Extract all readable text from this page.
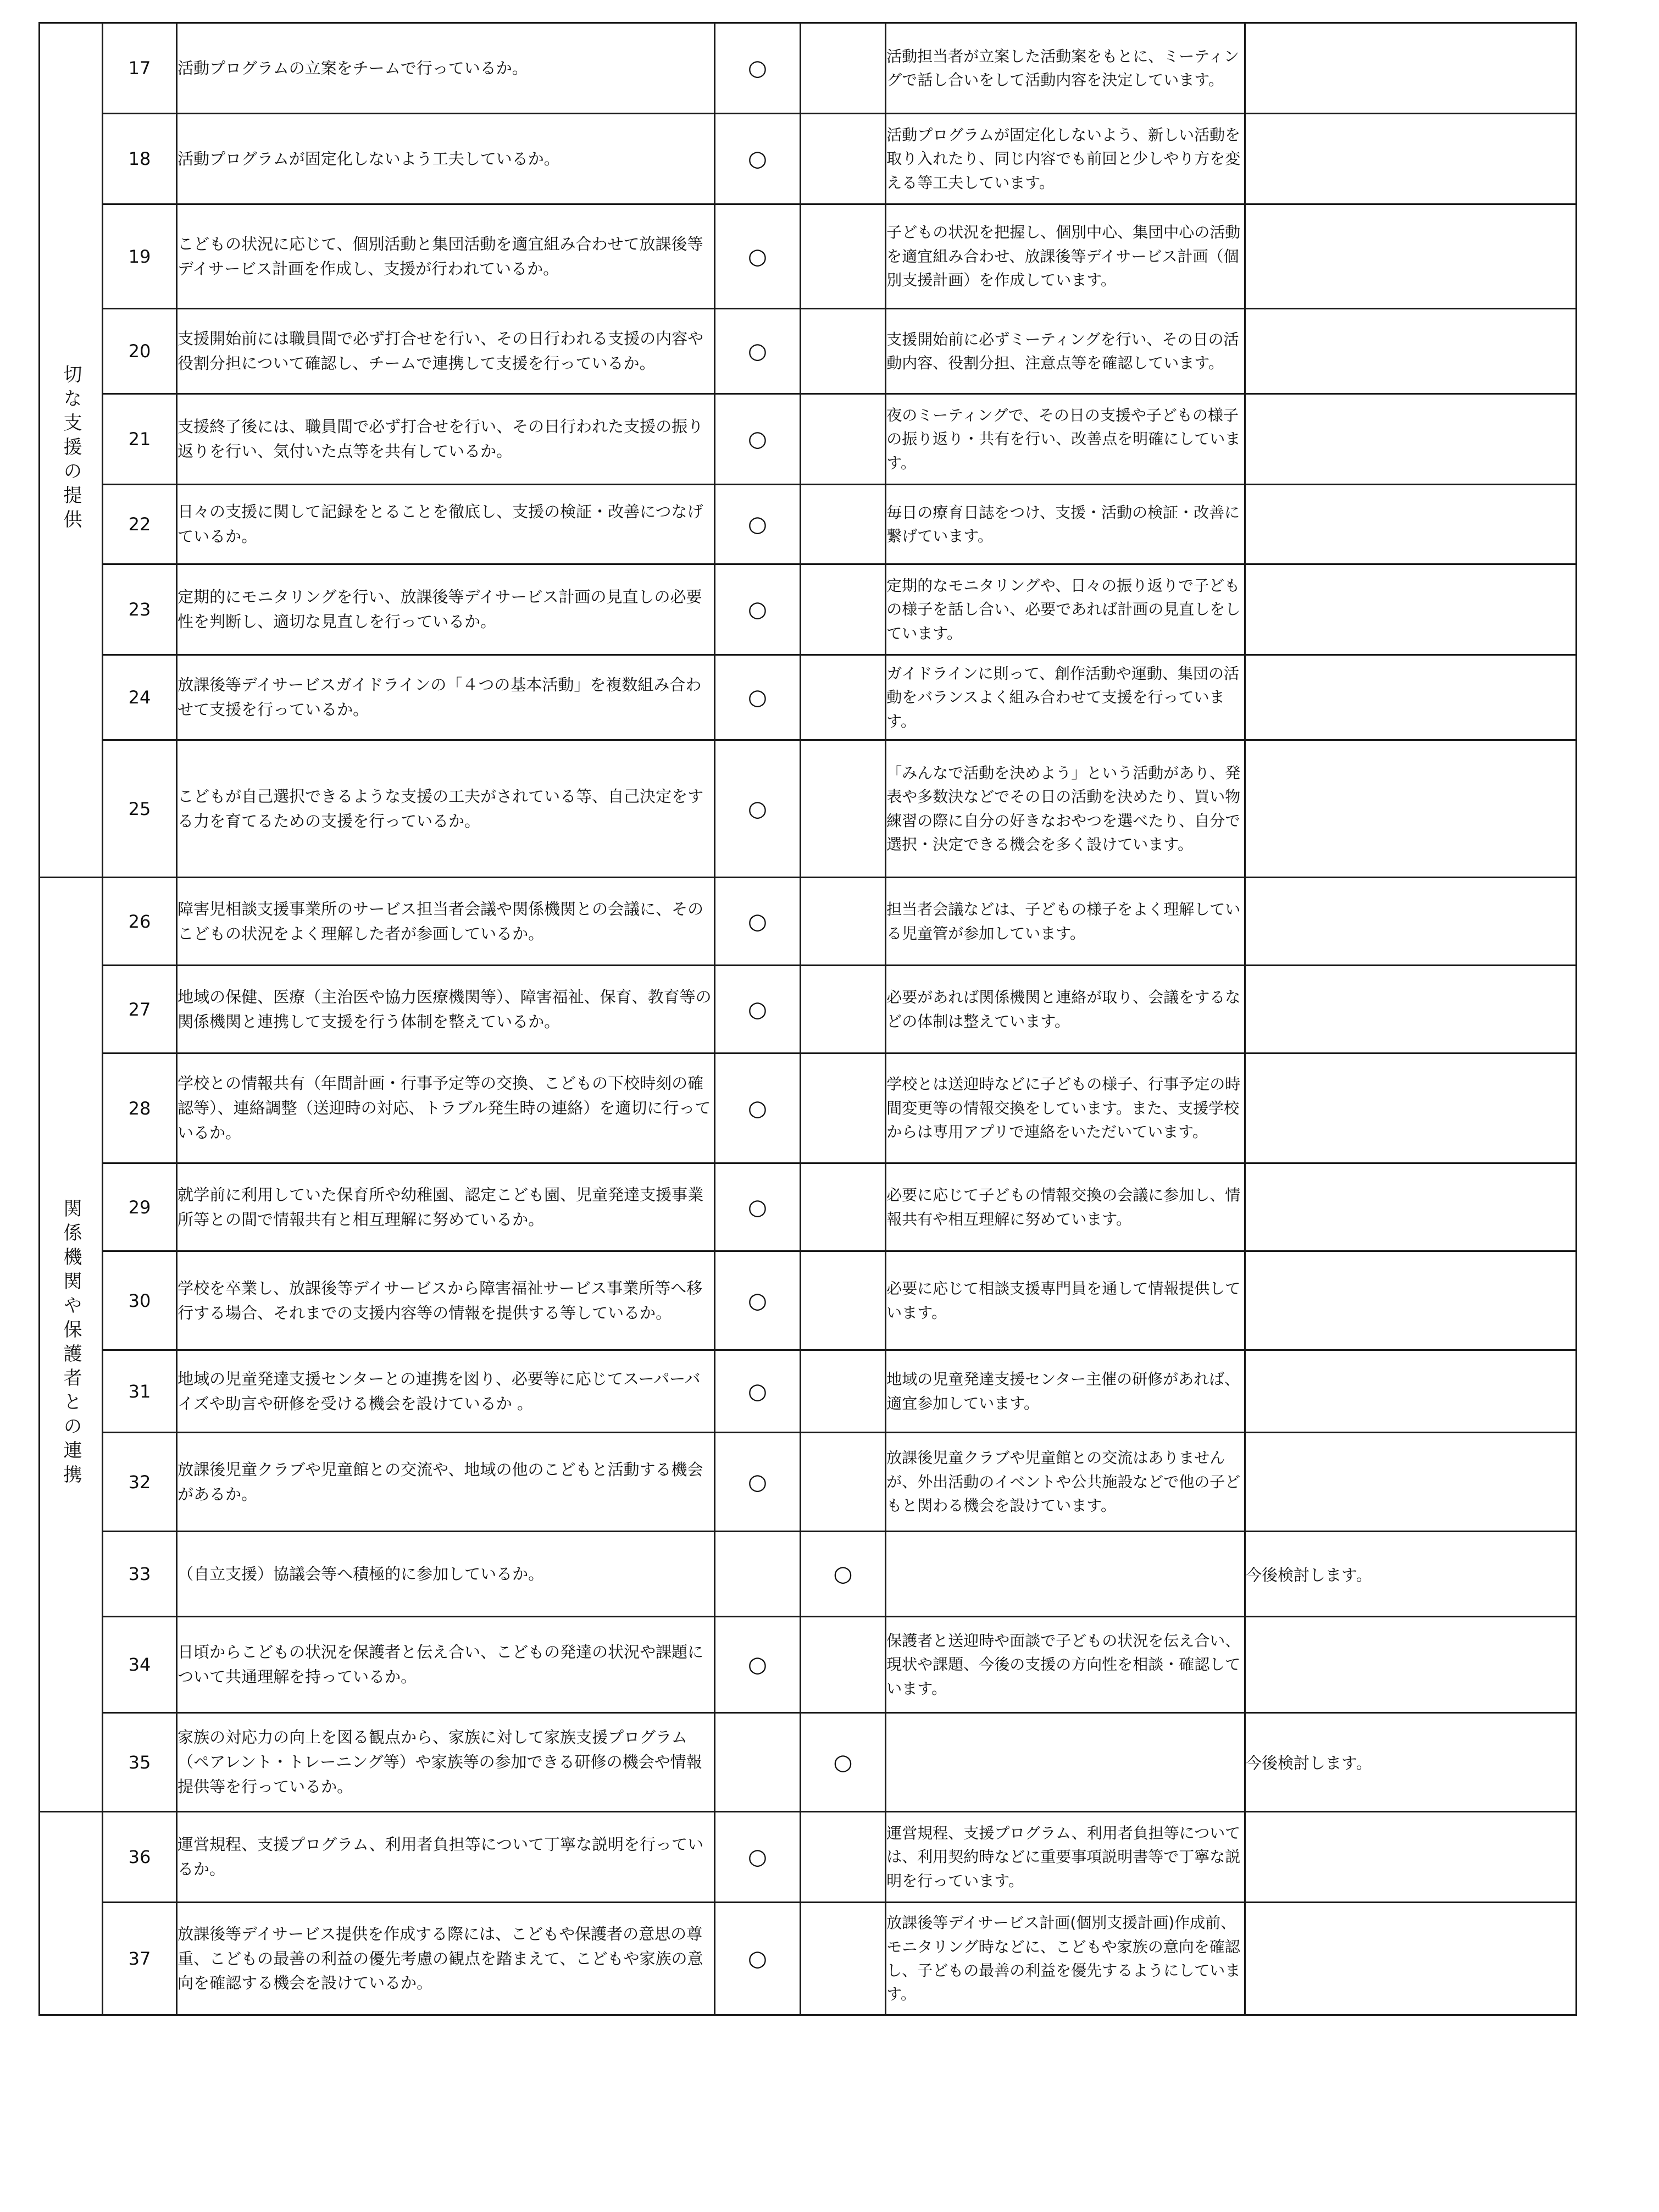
切な支援の提供	17	活動プログラムの立案をチームで行っているか。	○		活動担当者が立案した活動案をもとに、ミーティングで話し合いをして活動内容を決定しています。	
	18	活動プログラムが固定化しないよう工夫しているか。	○		活動プログラムが固定化しないよう、新しい活動を取り入れたり、同じ内容でも前回と少しやり方を変える等工夫しています。	
	19	こどもの状況に応じて、個別活動と集団活動を適宜組み合わせて放課後等デイサービス計画を作成し、支援が行われているか。	○		子どもの状況を把握し、個別中心、集団中心の活動を適宜組み合わせ、放課後等デイサービス計画（個別支援計画）を作成しています。	
	20	支援開始前には職員間で必ず打合せを行い、その日行われる支援の内容や役割分担について確認し、チームで連携して支援を行っているか。	○		支援開始前に必ずミーティングを行い、その日の活動内容、役割分担、注意点等を確認しています。	
	21	支援終了後には、職員間で必ず打合せを行い、その日行われた支援の振り返りを行い、気付いた点等を共有しているか。	○		夜のミーティングで、その日の支援や子どもの様子の振り返り・共有を行い、改善点を明確にしています。	
	22	日々の支援に関して記録をとることを徹底し、支援の検証・改善につなげているか。	○		毎日の療育日誌をつけ、支援・活動の検証・改善に繋げています。	
	23	定期的にモニタリングを行い、放課後等デイサービス計画の見直しの必要性を判断し、適切な見直しを行っているか。	○		定期的なモニタリングや、日々の振り返りで子どもの様子を話し合い、必要であれば計画の見直しをしています。	
	24	放課後等デイサービスガイドラインの「４つの基本活動」を複数組み合わせて支援を行っているか。	○		ガイドラインに則って、創作活動や運動、集団の活動をバランスよく組み合わせて支援を行っています。	
	25	こどもが自己選択できるような支援の工夫がされている等、自己決定をする力を育てるための支援を行っているか。	○		「みんなで活動を決めよう」という活動があり、発表や多数決などでその日の活動を決めたり、買い物練習の際に自分の好きなおやつを選べたり、自分で選択・決定できる機会を多く設けています。	
関係機関や保護者との連携	26	障害児相談支援事業所のサービス担当者会議や関係機関との会議に、そのこどもの状況をよく理解した者が参画しているか。	○		担当者会議などは、子どもの様子をよく理解している児童管が参加しています。	
	27	地域の保健、医療（主治医や協力医療機関等）、障害福祉、保育、教育等の関係機関と連携して支援を行う体制を整えているか。	○		必要があれば関係機関と連絡が取り、会議をするなどの体制は整えています。	
	28	学校との情報共有（年間計画・行事予定等の交換、こどもの下校時刻の確認等）、連絡調整（送迎時の対応、トラブル発生時の連絡）を適切に行っているか。	○		学校とは送迎時などに子どもの様子、行事予定の時間変更等の情報交換をしています。また、支援学校からは専用アプリで連絡をいただいています。	
	29	就学前に利用していた保育所や幼稚園、認定こども園、児童発達支援事業所等との間で情報共有と相互理解に努めているか。	○		必要に応じて子どもの情報交換の会議に参加し、情報共有や相互理解に努めています。	
	30	学校を卒業し、放課後等デイサービスから障害福祉サービス事業所等へ移行する場合、それまでの支援内容等の情報を提供する等しているか。	○		必要に応じて相談支援専門員を通して情報提供しています。	
	31	地域の児童発達支援センターとの連携を図り、必要等に応じてスーパーバイズや助言や研修を受ける機会を設けているか 。	○		地域の児童発達支援センター主催の研修があれば、適宜参加しています。	
	32	放課後児童クラブや児童館との交流や、地域の他のこどもと活動する機会があるか。	○		放課後児童クラブや児童館との交流はありませんが、外出活動のイベントや公共施設などで他の子どもと関わる機会を設けています。	
	33	（自立支援）協議会等へ積極的に参加しているか。		○		今後検討します。
	34	日頃からこどもの状況を保護者と伝え合い、こどもの発達の状況や課題について共通理解を持っているか。	○		保護者と送迎時や面談で子どもの状況を伝え合い、現状や課題、今後の支援の方向性を相談・確認しています。	
	35	家族の対応力の向上を図る観点から、家族に対して家族支援プログラム（ペアレント・トレーニング等）や家族等の参加できる研修の機会や情報提供等を行っているか。		○		今後検討します。
	36	運営規程、支援プログラム、利用者負担等について丁寧な説明を行っているか。	○		運営規程、支援プログラム、利用者負担等については、利用契約時などに重要事項説明書等で丁寧な説明を行っています。	
	37	放課後等デイサービス提供を作成する際には、こどもや保護者の意思の尊重、こどもの最善の利益の優先考慮の観点を踏まえて、こどもや家族の意向を確認する機会を設けているか。	○		放課後等デイサービス計画(個別支援計画)作成前、モニタリング時などに、こどもや家族の意向を確認し、子どもの最善の利益を優先するようにしています。	
